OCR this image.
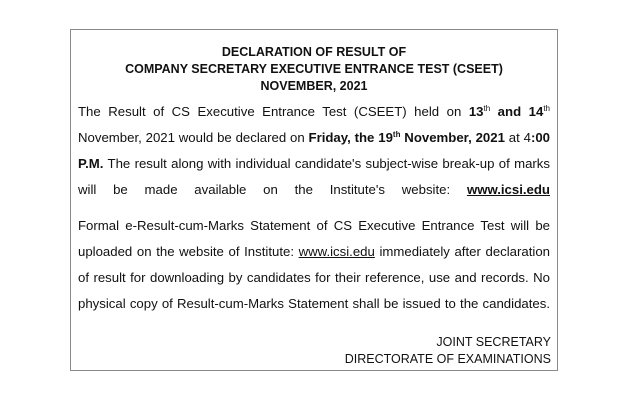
DECLARATION OF RESULT OF
COMPANY SECRETARY EXECUTIVE ENTRANCE TEST (CSEET)
NOVEMBER, 2021

The Result of CS Executive Entrance Test (CSEET) held on 13th and 14th November, 2021 would be declared on Friday, the 19th November, 2021 at 4:00 P.M. The result along with individual candidate's subject-wise break-up of marks will be made available on the Institute's website: www.icsi.edu

Formal e-Result-cum-Marks Statement of CS Executive Entrance Test will be uploaded on the website of Institute: www.icsi.edu immediately after declaration of result for downloading by candidates for their reference, use and records. No physical copy of Result-cum-Marks Statement shall be issued to the candidates.

JOINT SECRETARY
DIRECTORATE OF EXAMINATIONS
